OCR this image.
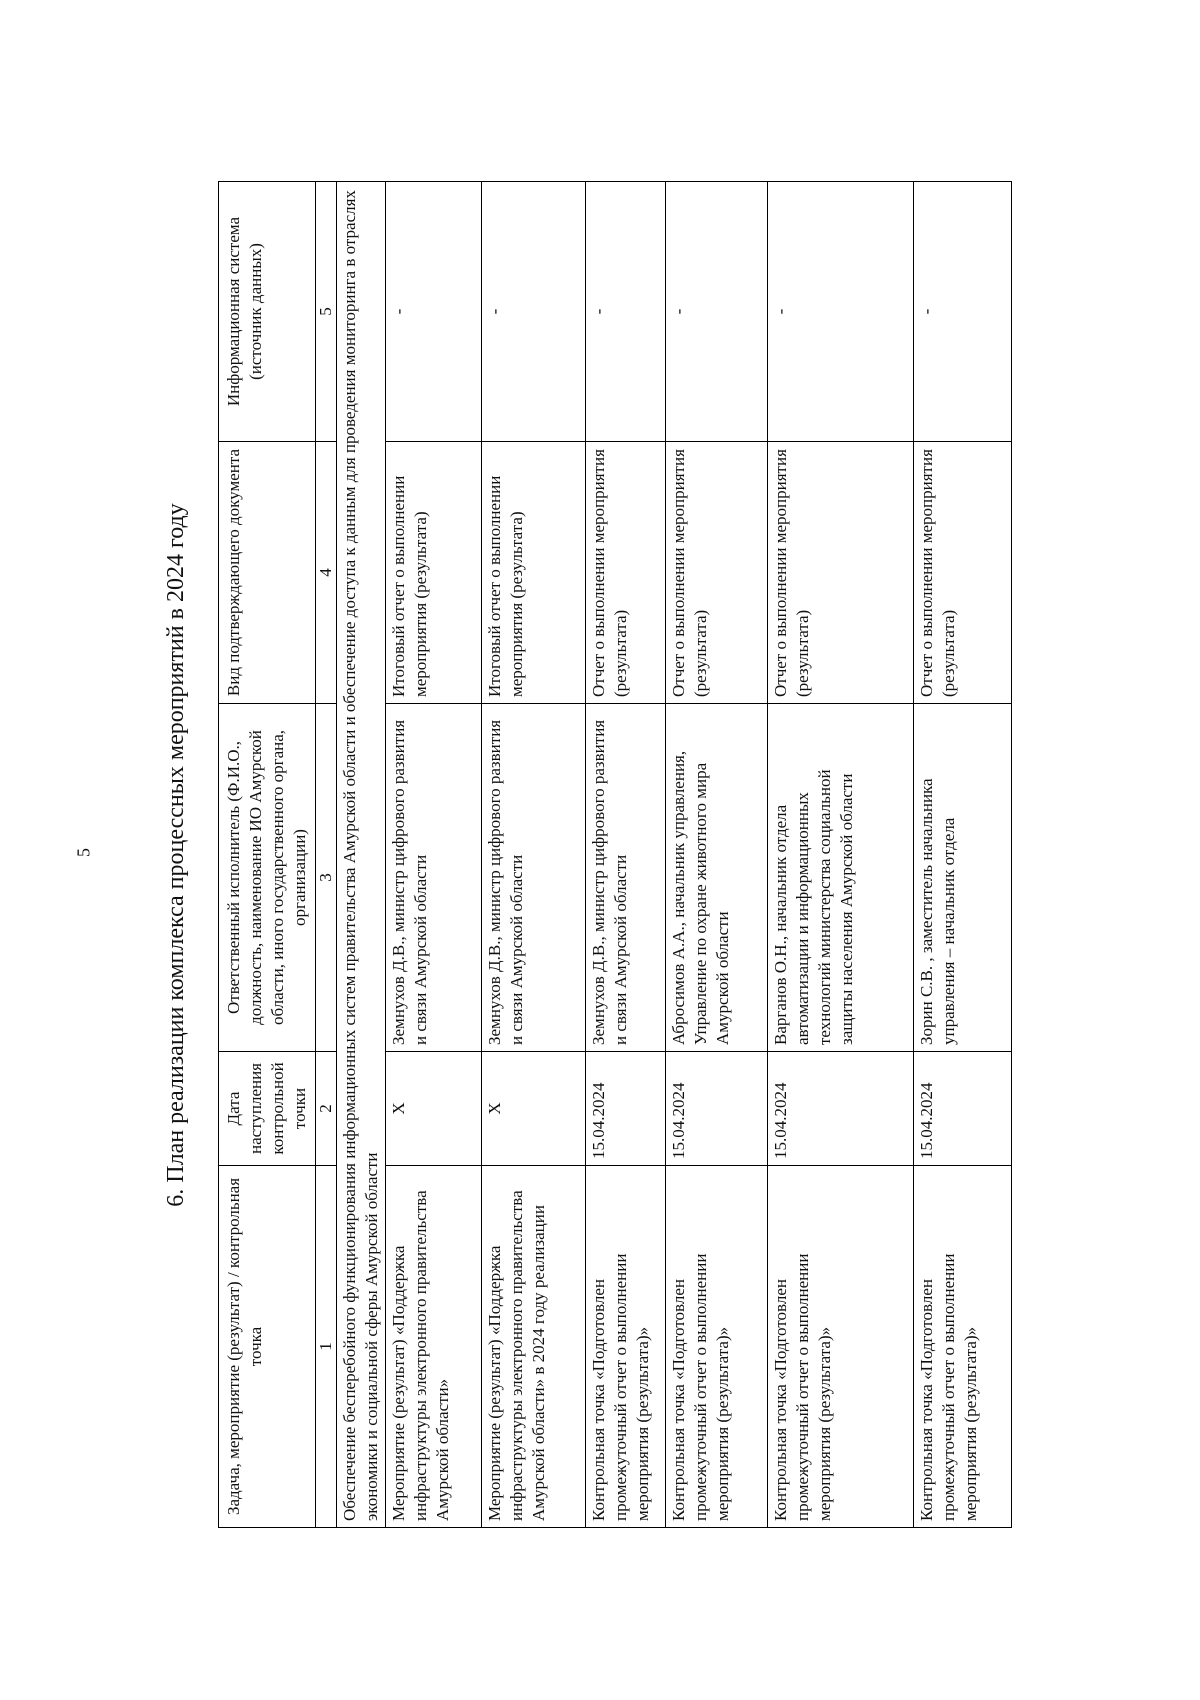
5	6. План реализации комплекса процессных мероприятий в 2024 году
Задача, мероприятие (результат) / контрольная точка	Дата наступления контрольной точки	Ответственный исполнитель (Ф.И.О., должность, наименование ИО Амурской области, иного государственного органа, организации)	Вид подтверждающего документа	Информационная система (источник данных)
1	2	3	4	5
Обеспечение бесперебойного функционирования информационных систем правительства Амурской области и обеспечение доступа к данным для проведения мониторинга в отраслях экономики и социальной сферы Амурской области				
Мероприятие (результат) «Поддержка инфраструктуры электронного правительства Амурской области»	X	Земнухов Д.В., министр цифрового развития и связи Амурской области	Итоговый отчет о выполнении мероприятия (результата)	-
Мероприятие (результат) «Поддержка инфраструктуры электронного правительства Амурской области» в 2024 году реализации	X	Земнухов Д.В., министр цифрового развития и связи Амурской области	Итоговый отчет о выполнении мероприятия (результата)	-
Контрольная точка «Подготовлен промежуточный отчет о выполнении мероприятия (результата)»	15.04.2024	Земнухов Д.В., министр цифрового развития и связи Амурской области	Отчет о выполнении мероприятия (результата)	-
Контрольная точка «Подготовлен промежуточный отчет о выполнении мероприятия (результата)»	15.04.2024	Абросимов А.А., начальник управления, Управление по охране животного мира Амурской области	Отчет о выполнении мероприятия (результата)	-
Контрольная точка «Подготовлен промежуточный отчет о выполнении мероприятия (результата)»	15.04.2024	Варганов О.Н., начальник отдела автоматизации и информационных технологий министерства социальной защиты населения Амурской области	Отчет о выполнении мероприятия (результата)	-
Контрольная точка «Подготовлен промежуточный отчет о выполнении мероприятия (результата)»	15.04.2024	Зорин С.В. , заместитель начальника управления – начальник отдела	Отчет о выполнении мероприятия (результата)	-
